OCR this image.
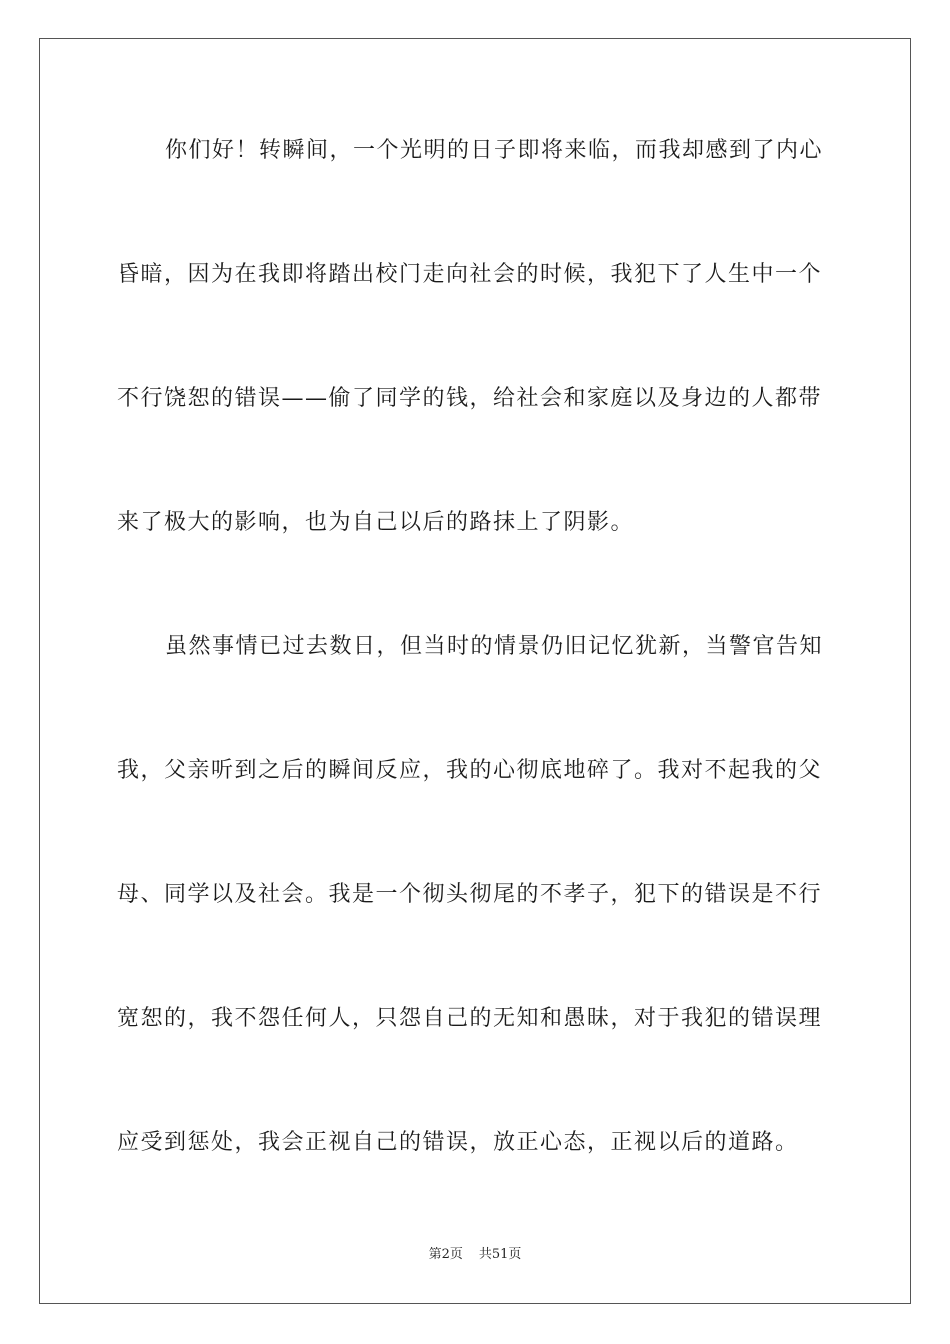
你们好！转瞬间，一个光明的日子即将来临，而我却感到了内心
昏暗，因为在我即将踏出校门走向社会的时候，我犯下了人生中一个
不行饶恕的错误——偷了同学的钱，给社会和家庭以及身边的人都带
来了极大的影响，也为自己以后的路抹上了阴影。
虽然事情已过去数日，但当时的情景仍旧记忆犹新，当警官告知
我，父亲听到之后的瞬间反应，我的心彻底地碎了。我对不起我的父
母、同学以及社会。我是一个彻头彻尾的不孝子，犯下的错误是不行
宽恕的，我不怨任何人，只怨自己的无知和愚昧，对于我犯的错误理
应受到惩处，我会正视自己的错误，放正心态，正视以后的道路。
第2页 共51页
